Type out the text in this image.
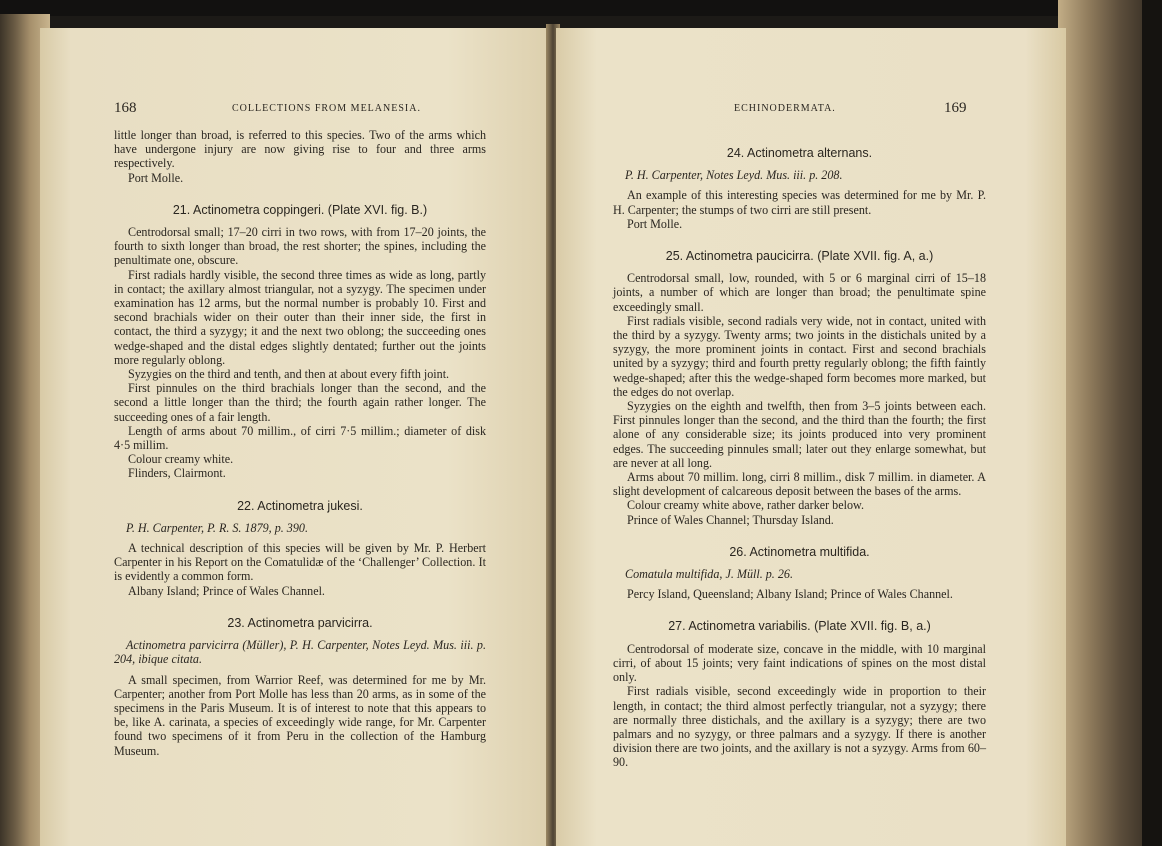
168	COLLECTIONS FROM MELANESIA.	ECHINODERMATA.	169

little longer than broad, is referred to this species. Two of the arms which have undergone injury are now giving rise to four and three arms respectively.

Port Molle.

21. Actinometra coppingeri. (Plate XVI. fig. B.)

Centrodorsal small; 17–20 cirri in two rows, with from 17–20 joints, the fourth to sixth longer than broad, the rest shorter; the spines, including the penultimate one, obscure.

First radials hardly visible, the second three times as wide as long, partly in contact; the axillary almost triangular, not a syzygy. The specimen under examination has 12 arms, but the normal number is probably 10. First and second brachials wider on their outer than their inner side, the first in contact, the third a syzygy; it and the next two oblong; the succeeding ones wedge-shaped and the distal edges slightly dentated; further out the joints more regularly oblong.

Syzygies on the third and tenth, and then at about every fifth joint.

First pinnules on the third brachials longer than the second, and the second a little longer than the third; the fourth again rather longer. The succeeding ones of a fair length.

Length of arms about 70 millim., of cirri 7·5 millim.; diameter of disk 4·5 millim.

Colour creamy white.

Flinders, Clairmont.

22. Actinometra jukesi.

P. H. Carpenter, P. R. S. 1879, p. 390.

A technical description of this species will be given by Mr. P. Herbert Carpenter in his Report on the Comatulidæ of the ‘Challenger’ Collection. It is evidently a common form.

Albany Island; Prince of Wales Channel.

23. Actinometra parvicirra.

Actinometra parvicirra (Müller), P. H. Carpenter, Notes Leyd. Mus. iii. p. 204, ibique citata.

A small specimen, from Warrior Reef, was determined for me by Mr. Carpenter; another from Port Molle has less than 20 arms, as in some of the specimens in the Paris Museum. It is of interest to note that this appears to be, like A. carinata, a species of exceedingly wide range, for Mr. Carpenter found two specimens of it from Peru in the collection of the Hamburg Museum.

24. Actinometra alternans.

P. H. Carpenter, Notes Leyd. Mus. iii. p. 208.

An example of this interesting species was determined for me by Mr. P. H. Carpenter; the stumps of two cirri are still present.

Port Molle.

25. Actinometra paucicirra. (Plate XVII. fig. A, a.)

Centrodorsal small, low, rounded, with 5 or 6 marginal cirri of 15–18 joints, a number of which are longer than broad; the penultimate spine exceedingly small.

First radials visible, second radials very wide, not in contact, united with the third by a syzygy. Twenty arms; two joints in the distichals united by a syzygy, the more prominent joints in contact. First and second brachials united by a syzygy; third and fourth pretty regularly oblong; the fifth faintly wedge-shaped; after this the wedge-shaped form becomes more marked, but the edges do not overlap.

Syzygies on the eighth and twelfth, then from 3–5 joints between each. First pinnules longer than the second, and the third than the fourth; the first alone of any considerable size; its joints produced into very prominent edges. The succeeding pinnules small; later out they enlarge somewhat, but are never at all long.

Arms about 70 millim. long, cirri 8 millim., disk 7 millim. in diameter. A slight development of calcareous deposit between the bases of the arms.

Colour creamy white above, rather darker below.

Prince of Wales Channel; Thursday Island.

26. Actinometra multifida.

Comatula multifida, J. Müll. p. 26.

Percy Island, Queensland; Albany Island; Prince of Wales Channel.

27. Actinometra variabilis. (Plate XVII. fig. B, a.)

Centrodorsal of moderate size, concave in the middle, with 10 marginal cirri, of about 15 joints; very faint indications of spines on the most distal only.

First radials visible, second exceedingly wide in proportion to their length, in contact; the third almost perfectly triangular, not a syzygy; there are normally three distichals, and the axillary is a syzygy; there are two palmars and no syzygy, or three palmars and a syzygy. If there is another division there are two joints, and the axillary is not a syzygy. Arms from 60–90.
